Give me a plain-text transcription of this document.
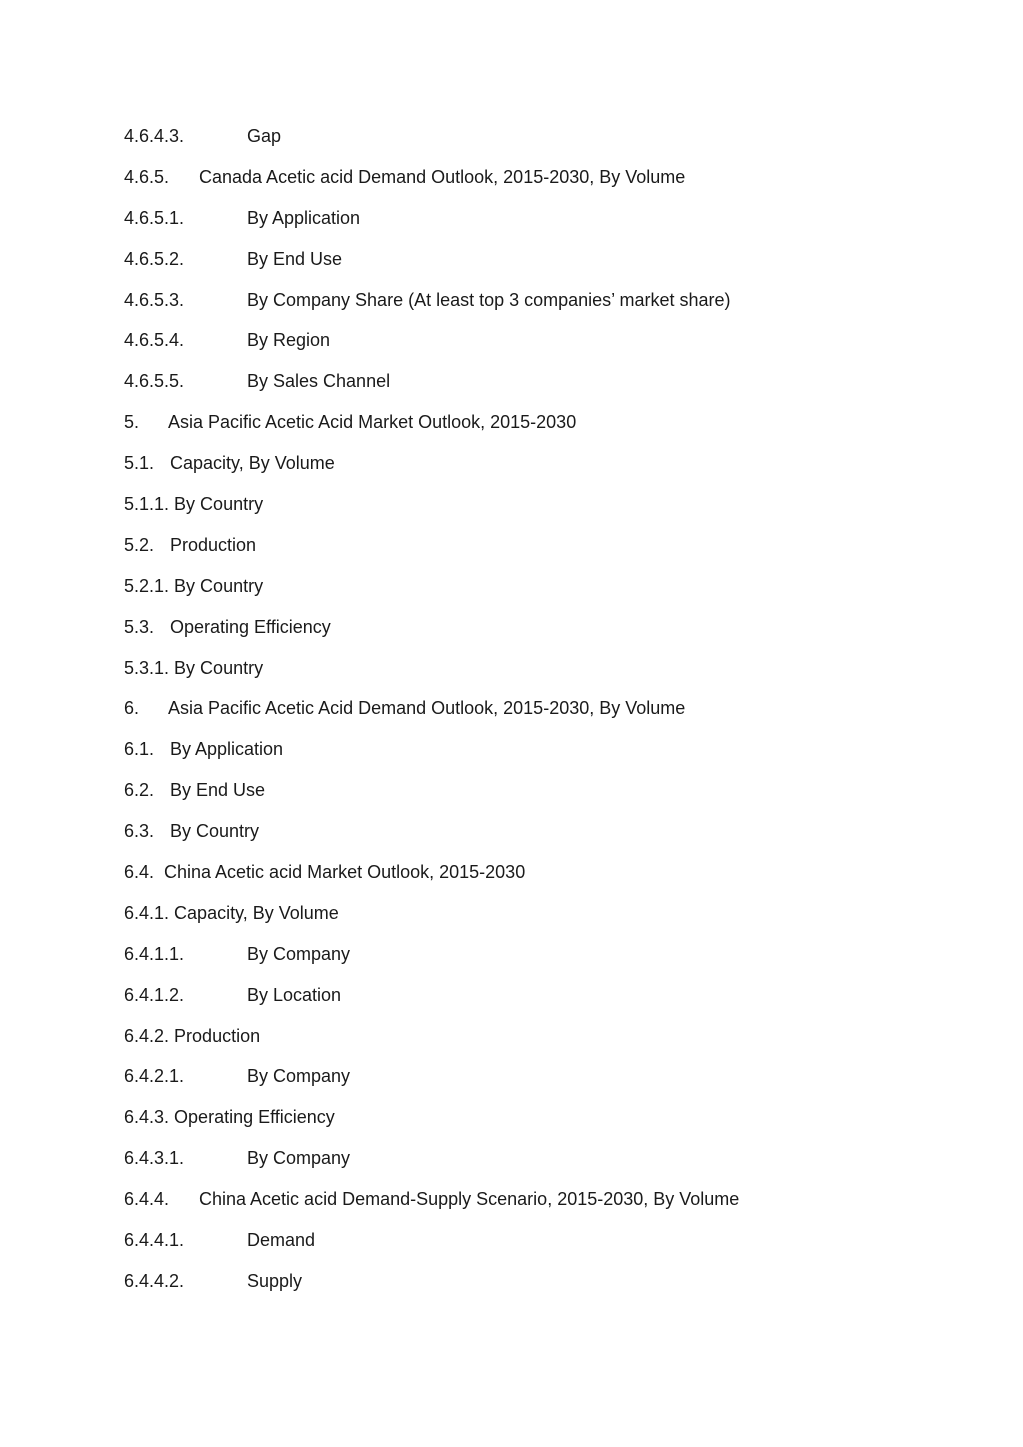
4.6.4.3.	Gap
4.6.5. Canada Acetic acid Demand Outlook, 2015-2030, By Volume
4.6.5.1.	By Application
4.6.5.2.	By End Use
4.6.5.3.	By Company Share (At least top 3 companies’ market share)
4.6.5.4.	By Region
4.6.5.5.	By Sales Channel
5. Asia Pacific Acetic Acid Market Outlook, 2015-2030
5.1. Capacity, By Volume
5.1.1. By Country
5.2. Production
5.2.1. By Country
5.3. Operating Efficiency
5.3.1. By Country
6. Asia Pacific Acetic Acid Demand Outlook, 2015-2030, By Volume
6.1. By Application
6.2. By End Use
6.3. By Country
6.4. China Acetic acid Market Outlook, 2015-2030
6.4.1. Capacity, By Volume
6.4.1.1.	By Company
6.4.1.2.	By Location
6.4.2. Production
6.4.2.1.	By Company
6.4.3. Operating Efficiency
6.4.3.1.	By Company
6.4.4. China Acetic acid Demand-Supply Scenario, 2015-2030, By Volume
6.4.4.1.	Demand
6.4.4.2.	Supply
